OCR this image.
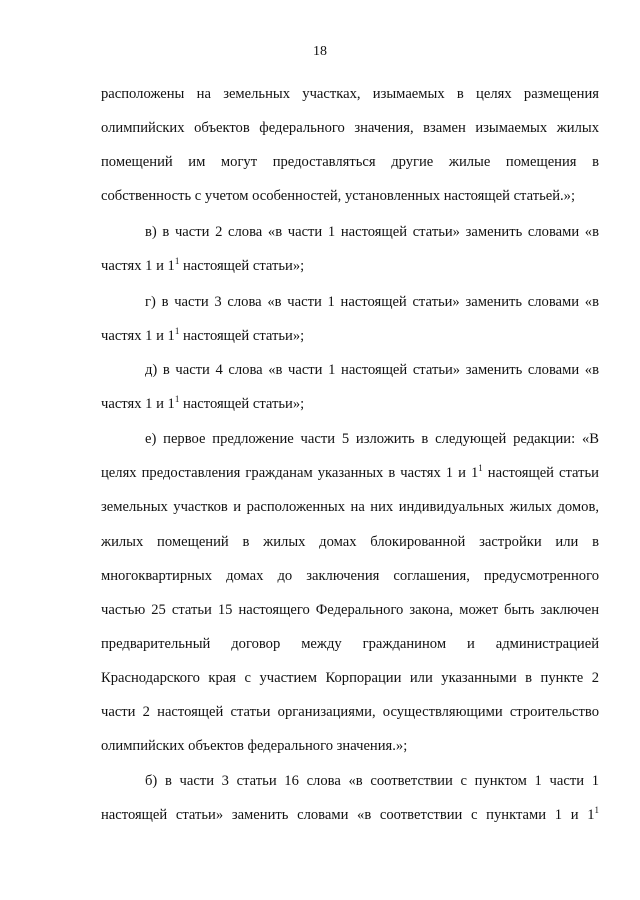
18
расположены на земельных участках, изымаемых в целях размещения
олимпийских объектов федерального значения, взамен изымаемых жилых
помещений им могут предоставляться другие жилые помещения в
собственность с учетом особенностей, установленных настоящей статьей.»;
в) в части 2 слова «в части 1 настоящей статьи» заменить словами «в
частях 1 и $1^1$ настоящей статьи»;
г) в части 3 слова «в части 1 настоящей статьи» заменить словами «в
частях 1 и $1^1$ настоящей статьи»;
д) в части 4 слова «в части 1 настоящей статьи» заменить словами «в
частях 1 и $1^1$ настоящей статьи»;
е) первое предложение части 5 изложить в следующей редакции: «В
целях предоставления гражданам указанных в частях 1 и $1^1$ настоящей статьи
земельных участков и расположенных на них индивидуальных жилых домов,
жилых помещений в жилых домах блокированной застройки или в
многоквартирных домах до заключения соглашения, предусмотренного
частью 25 статьи 15 настоящего Федерального закона, может быть заключен
предварительный договор между гражданином и администрацией
Краснодарского края с участием Корпорации или указанными в пункте 2
части 2 настоящей статьи организациями, осуществляющими строительство
олимпийских объектов федерального значения.»;
б) в части 3 статьи 16 слова «в соответствии с пунктом 1 части 1
настоящей статьи» заменить словами «в соответствии с пунктами 1 и $1^1$
